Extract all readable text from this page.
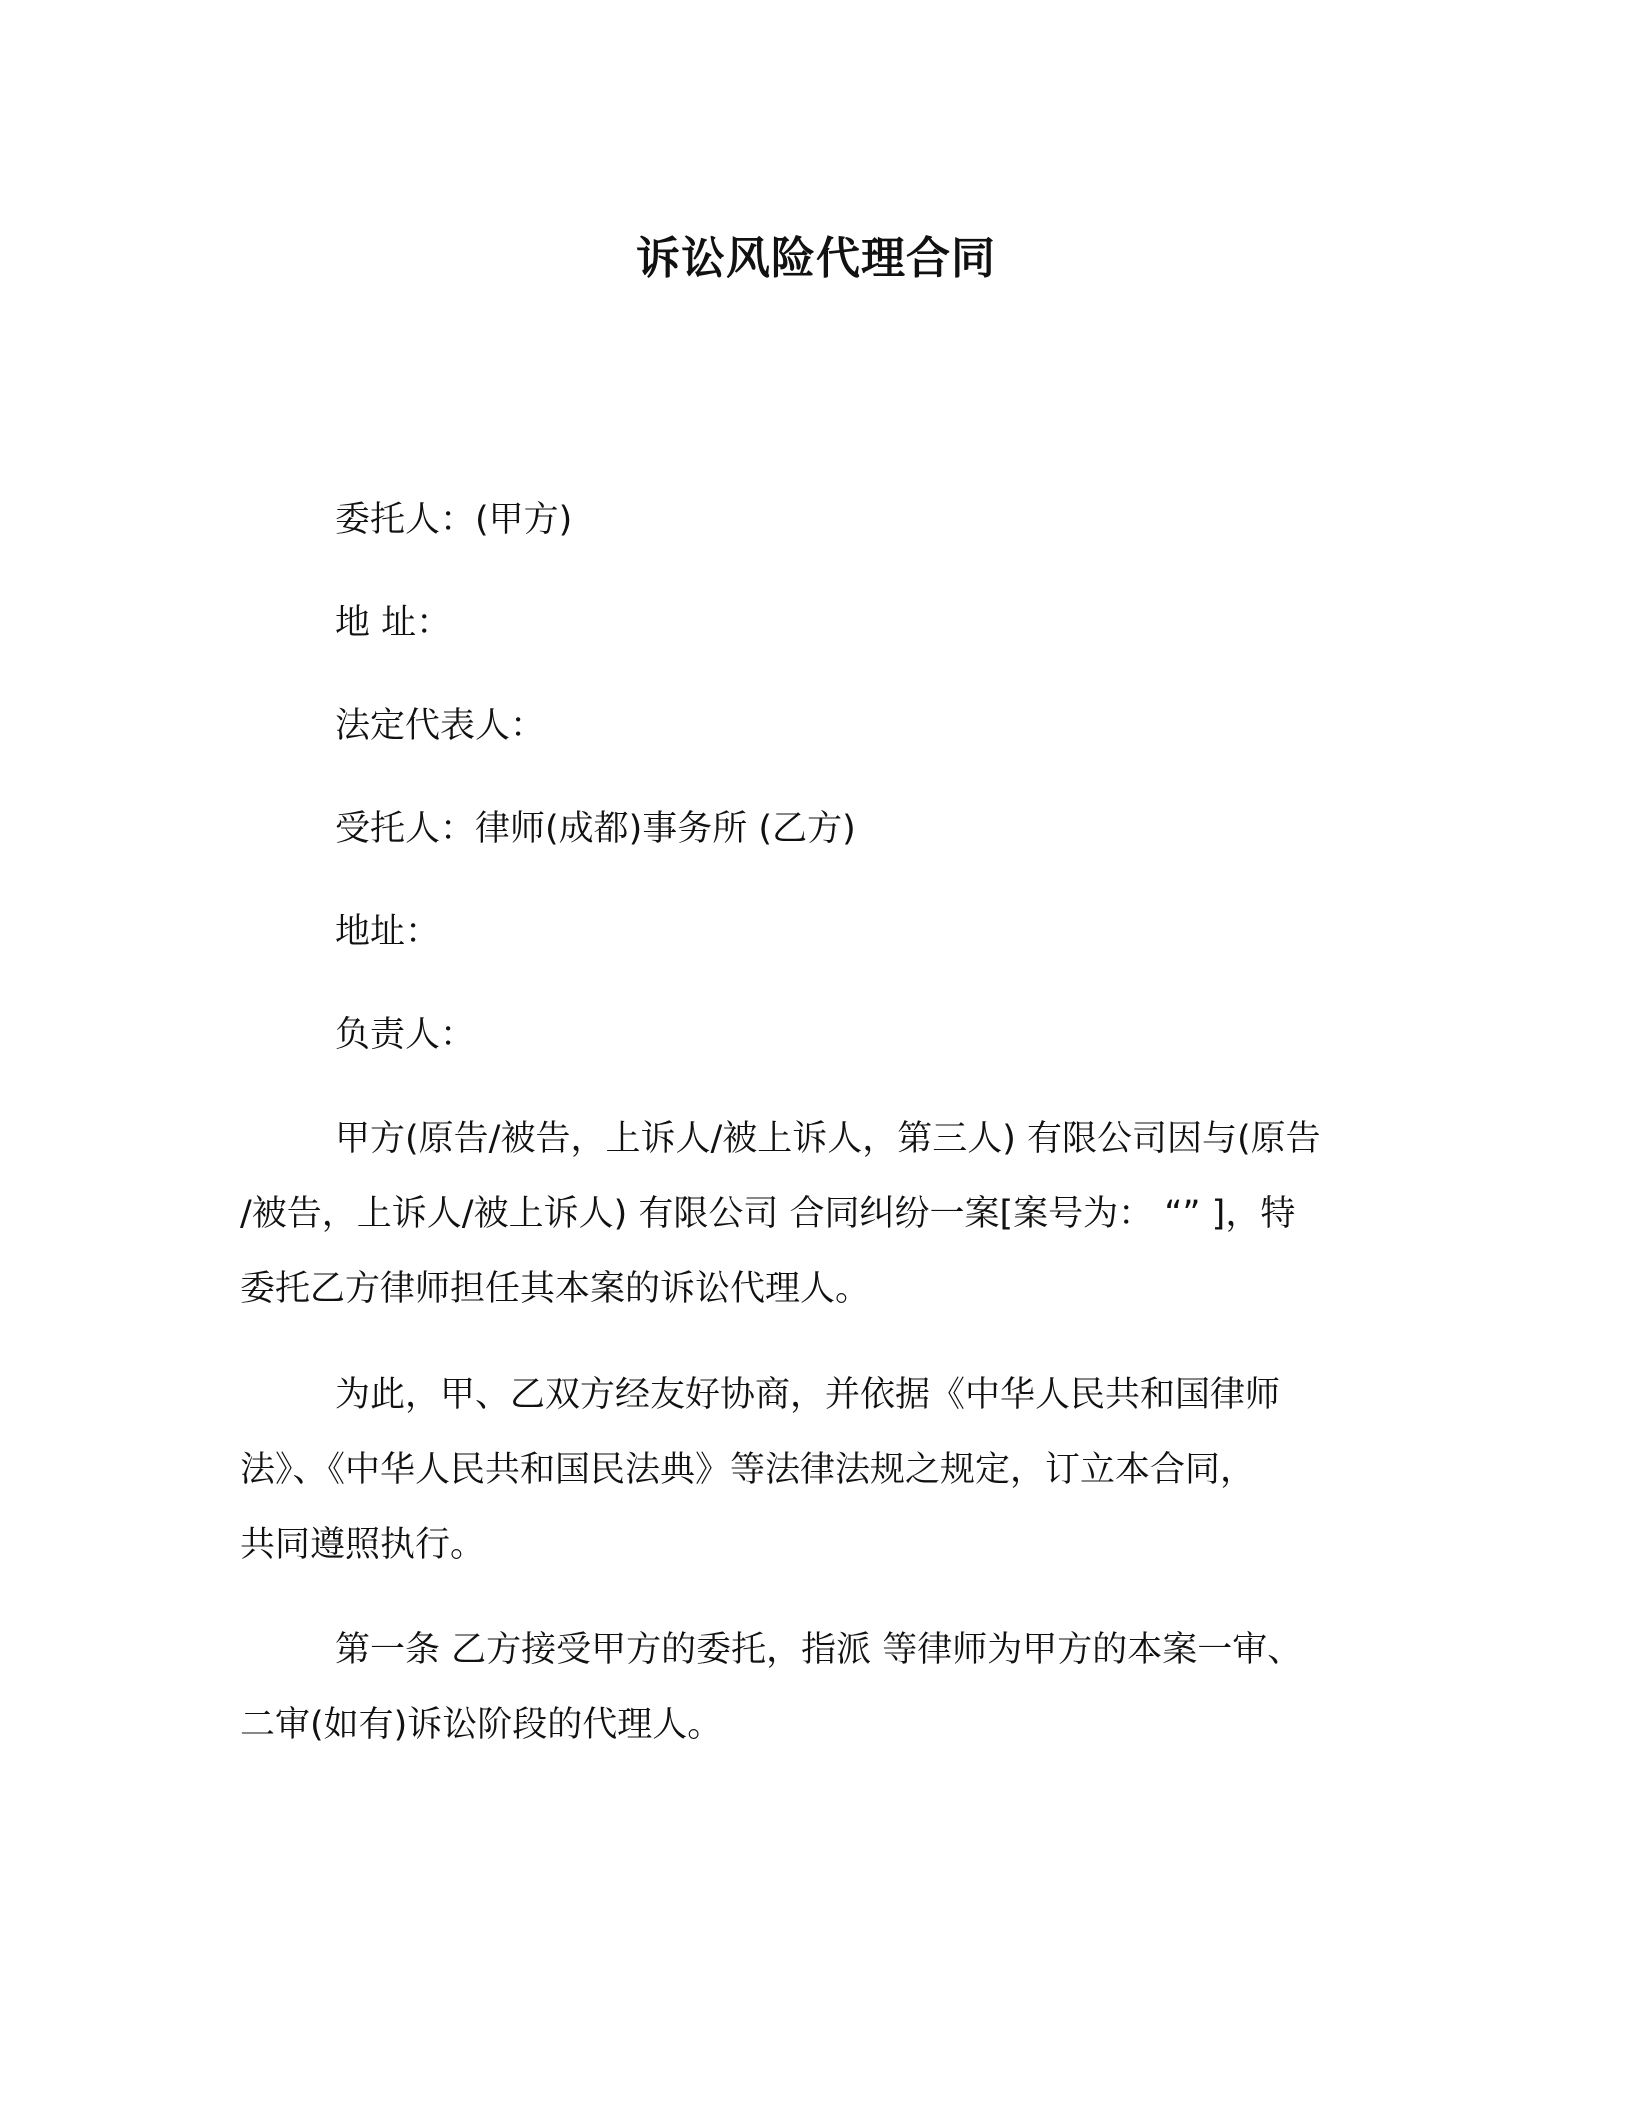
诉讼风险代理合同

委托人：(甲方)

地 址：

法定代表人：

受托人：律师(成都)事务所 (乙方)

地址：

负责人：

甲方(原告/被告，上诉人/被上诉人，第三人) 有限公司因与(原告
/被告，上诉人/被上诉人) 有限公司 合同纠纷一案[案号为： “” ]，特
委托乙方律师担任其本案的诉讼代理人。
为此，甲、乙双方经友好协商，并依据《中华人民共和国律师
法》、《中华人民共和国民法典》等法律法规之规定，订立本合同，
共同遵照执行。
第一条 乙方接受甲方的委托，指派 等律师为甲方的本案一审、
二审(如有)诉讼阶段的代理人。
